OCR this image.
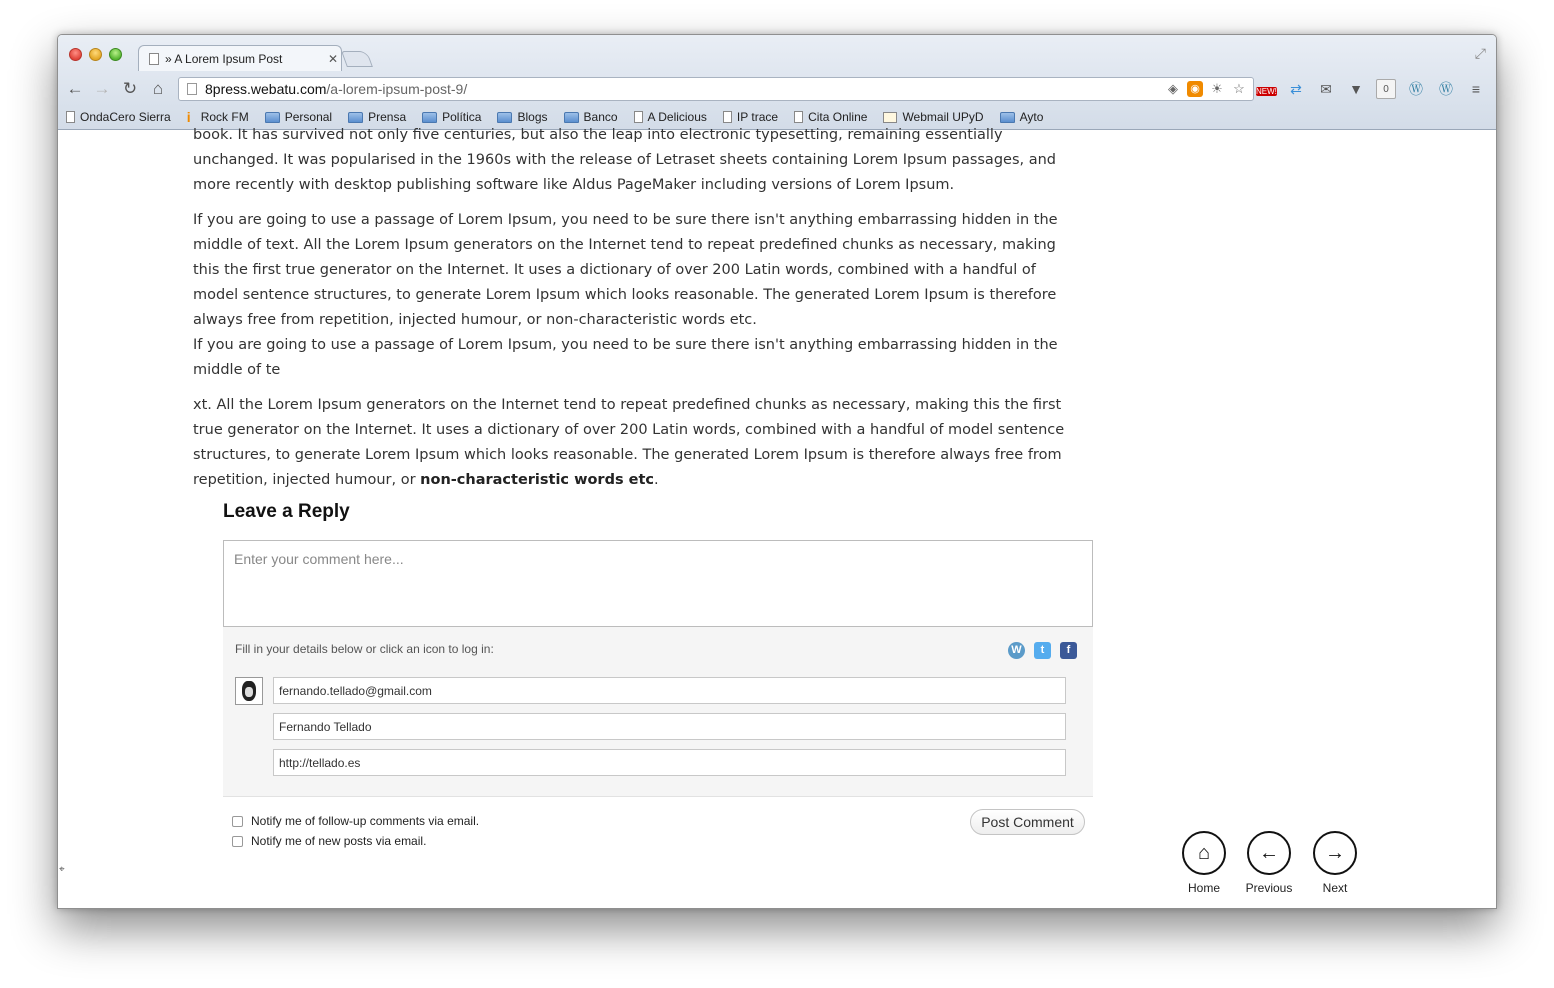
» A Lorem Ipsum Post	✕	⤢
← → ↻ ⌂	8press.webatu.com /a-lorem-ipsum-post-9/	◈ ◉ ☀ ☆ NEW! ⇄ ✉ ▼	0	Ⓦ Ⓦ	≡
OndaCero Sierra i Rock FM	Personal	Prensa	Política	Blogs	Banco	A Delicious	IP trace	Cita Online	Webmail UPyD	Ayto

book. It has survived not only five centuries, but also the leap into electronic typesetting, remaining essentially unchanged. It was popularised in the 1960s with the release of Letraset sheets containing Lorem Ipsum passages, and more recently with desktop publishing software like Aldus PageMaker including versions of Lorem Ipsum.

If you are going to use a passage of Lorem Ipsum, you need to be sure there isn't anything embarrassing hidden in the middle of text. All the Lorem Ipsum generators on the Internet tend to repeat predefined chunks as necessary, making this the first true generator on the Internet. It uses a dictionary of over 200 Latin words, combined with a handful of model sentence structures, to generate Lorem Ipsum which looks reasonable. The generated Lorem Ipsum is therefore always free from repetition, injected humour, or non-characteristic words etc.

If you are going to use a passage of Lorem Ipsum, you need to be sure there isn't anything embarrassing hidden in the middle of te

xt. All the Lorem Ipsum generators on the Internet tend to repeat predefined chunks as necessary, making this the first true generator on the Internet. It uses a dictionary of over 200 Latin words, combined with a handful of model sentence structures, to generate Lorem Ipsum which looks reasonable. The generated Lorem Ipsum is therefore always free from repetition, injected humour, or non-characteristic words etc.

Leave a Reply
Enter your comment here...
Fill in your details below or click an icon to log in:	W	t	f
fernando.tellado@gmail.com
Fernando Tellado
http://tellado.es
Notify me of follow-up comments via email.
Notify me of new posts via email.
Post Comment
⌂
Home
←
Previous
→
Next
⌖
